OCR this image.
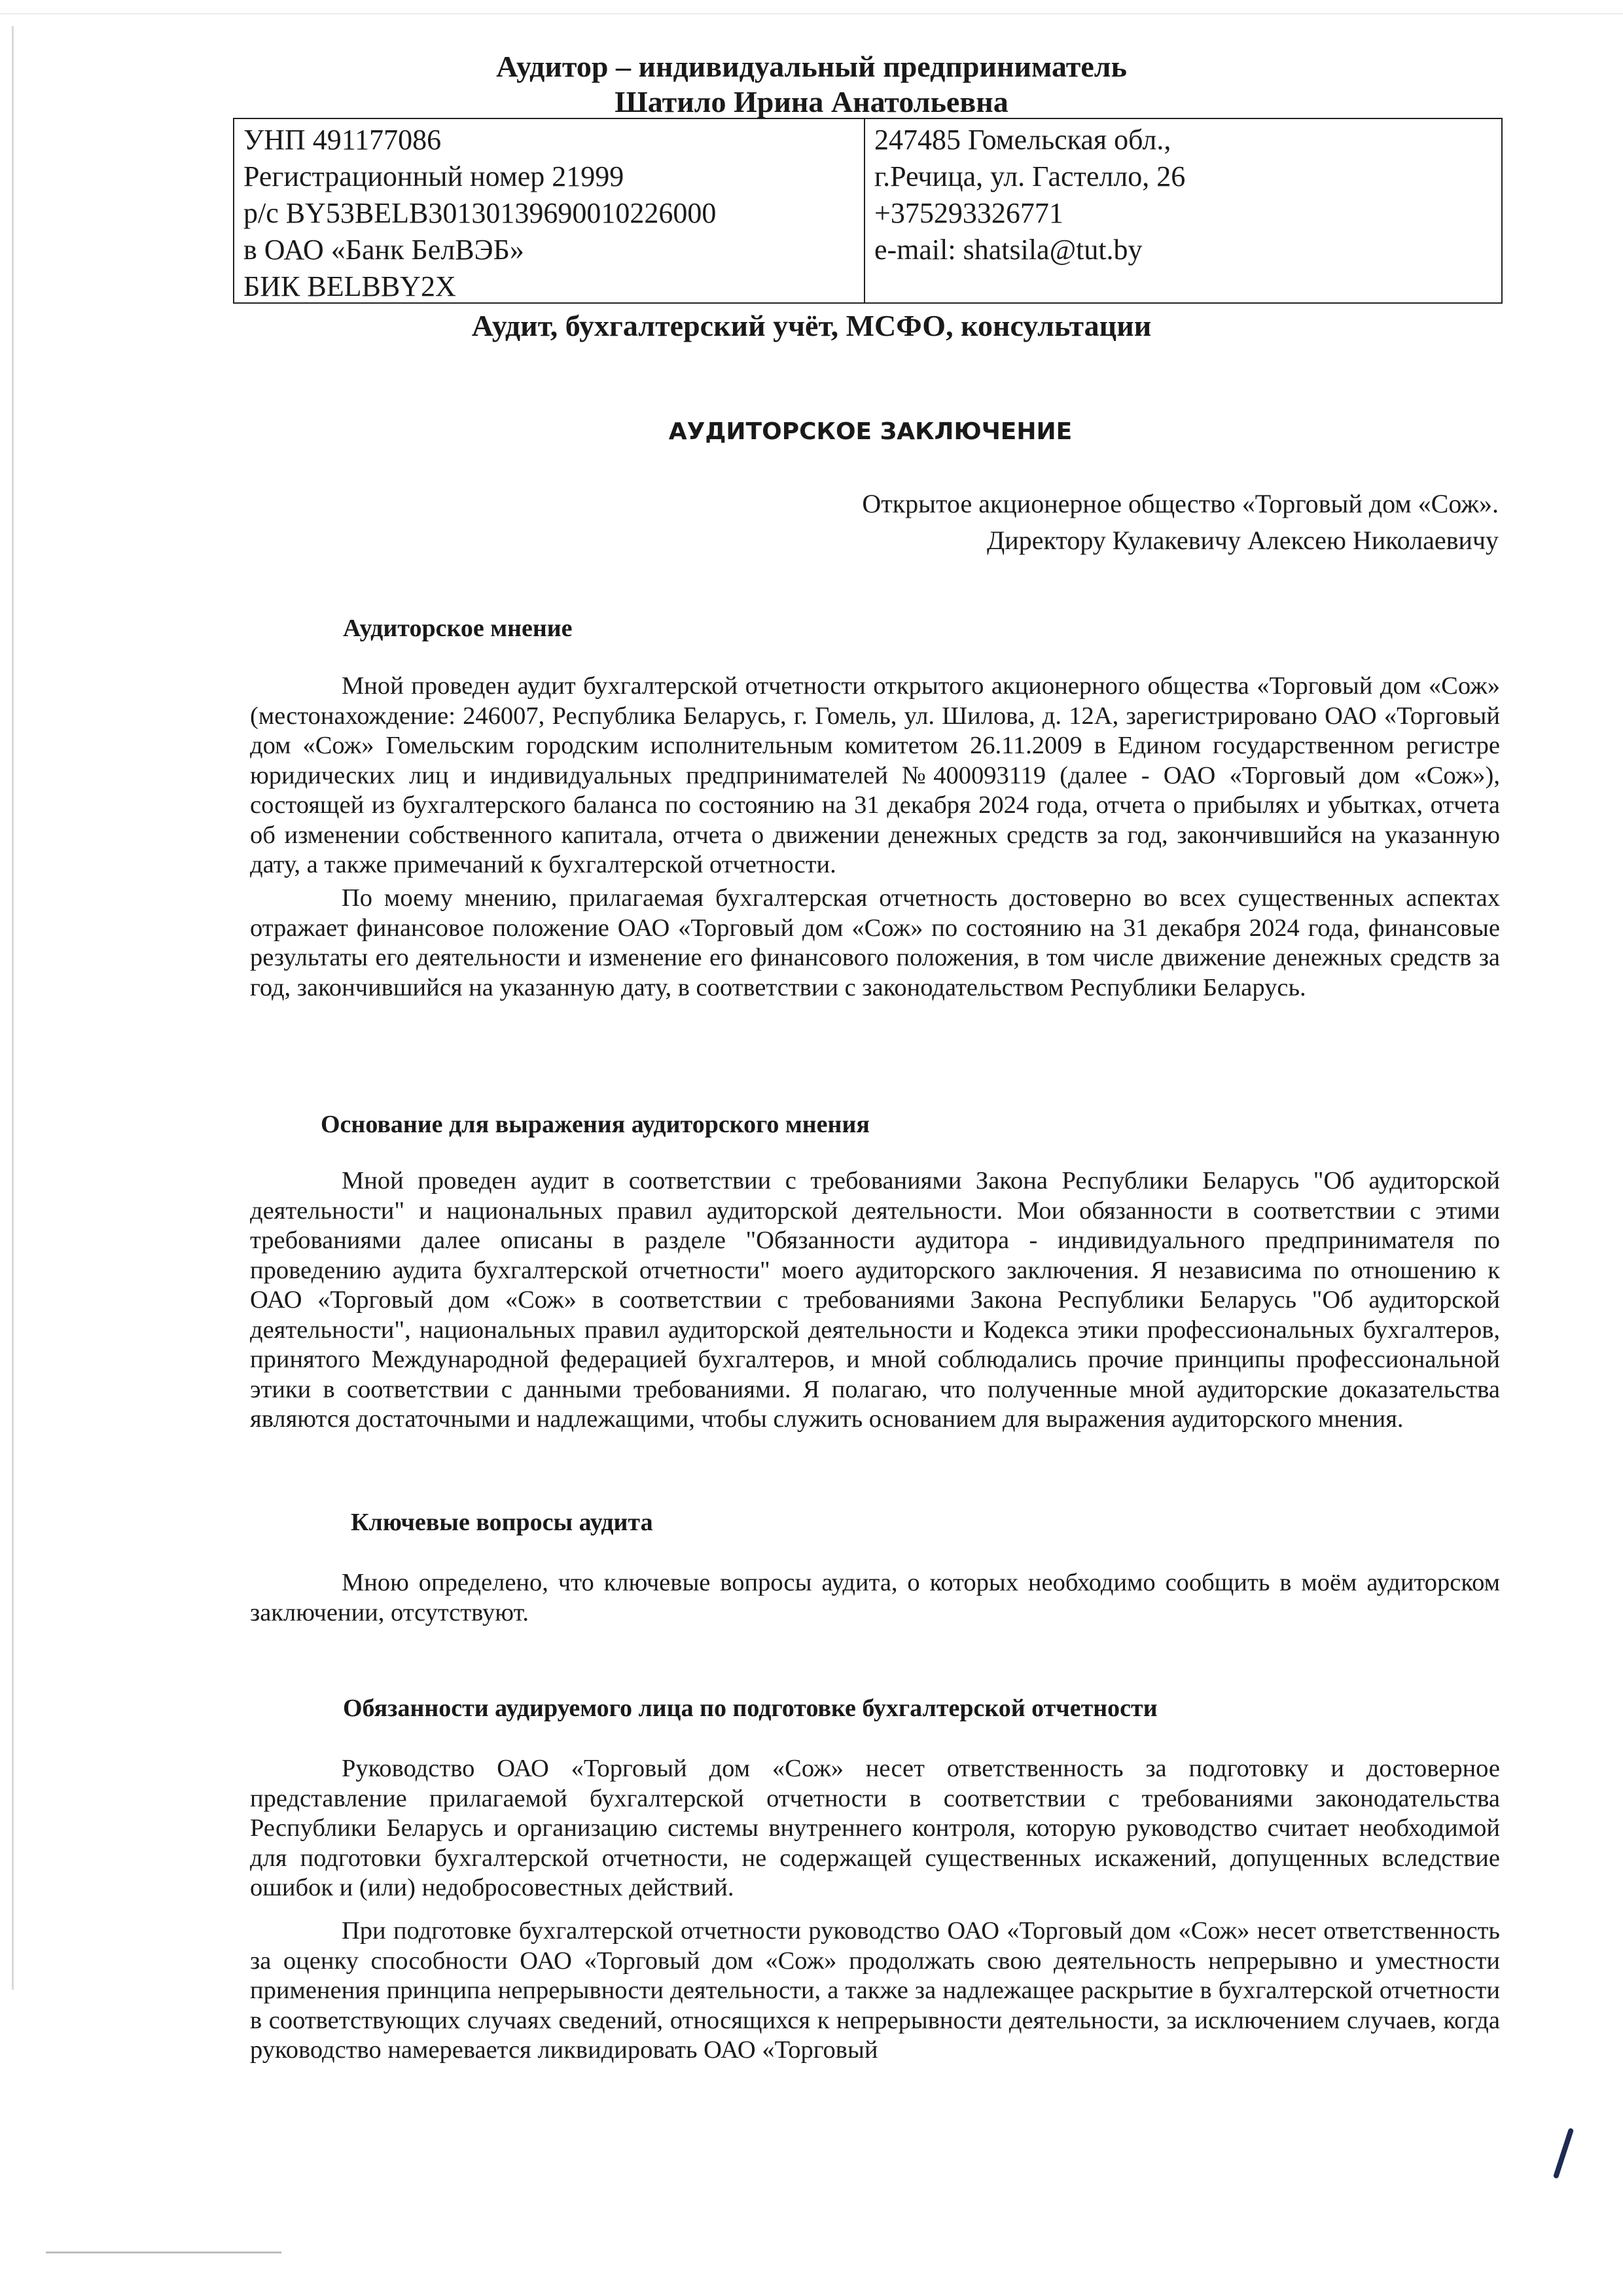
Аудитор – индивидуальный предприниматель
Шатило Ирина Анатольевна
УНП 491177086
Регистрационный номер 21999
р/с BY53BELB30130139690010226000
в ОАО «Банк БелВЭБ»
БИК BELBBY2X
247485 Гомельская обл.,
г.Речица, ул. Гастелло, 26
+375293326771
e-mail: shatsila@tut.by
Аудит, бухгалтерский учёт, МСФО, консультации
АУДИТОРСКОЕ ЗАКЛЮЧЕНИЕ
Открытое акционерное общество «Торговый дом «Сож».
Директору Кулакевичу Алексею Николаевичу
Аудиторское мнение

Мной проведен аудит бухгалтерской отчетности открытого акционерного общества «Торговый дом «Сож» (местонахождение: 246007, Республика Беларусь, г. Гомель, ул. Шилова, д. 12А, зарегистрировано ОАО «Торговый дом «Сож» Гомельским городским исполнительным комитетом 26.11.2009 в Едином государственном регистре юридических лиц и индивидуальных предпринимателей №400093119 (далее - ОАО «Торговый дом «Сож»), состоящей из бухгалтерского баланса по состоянию на 31 декабря 2024 года, отчета о прибылях и убытках, отчета об изменении собственного капитала, отчета о движении денежных средств за год, закончившийся на указанную дату, а также примечаний к бухгалтерской отчетности.

По моему мнению, прилагаемая бухгалтерская отчетность достоверно во всех существенных аспектах отражает финансовое положение ОАО «Торговый дом «Сож» по состоянию на 31 декабря 2024 года, финансовые результаты его деятельности и изменение его финансового положения, в том числе движение денежных средств за год, закончившийся на указанную дату, в соответствии с законодательством Республики Беларусь.

Основание для выражения аудиторского мнения

Мной проведен аудит в соответствии с требованиями Закона Республики Беларусь "Об аудиторской деятельности" и национальных правил аудиторской деятельности. Мои обязанности в соответствии с этими требованиями далее описаны в разделе "Обязанности аудитора - индивидуального предпринимателя по проведению аудита бухгалтерской отчетности" моего аудиторского заключения. Я независима по отношению к ОАО «Торговый дом «Сож» в соответствии с требованиями Закона Республики Беларусь "Об аудиторской деятельности", национальных правил аудиторской деятельности и Кодекса этики профессиональных бухгалтеров, принятого Международной федерацией бухгалтеров, и мной соблюдались прочие принципы профессиональной этики в соответствии с данными требованиями. Я полагаю, что полученные мной аудиторские доказательства являются достаточными и надлежащими, чтобы служить основанием для выражения аудиторского мнения.

Ключевые вопросы аудита

Мною определено, что ключевые вопросы аудита, о которых необходимо сообщить в моём аудиторском заключении, отсутствуют.

Обязанности аудируемого лица по подготовке бухгалтерской отчетности

Руководство ОАО «Торговый дом «Сож» несет ответственность за подготовку и достоверное представление прилагаемой бухгалтерской отчетности в соответствии с требованиями законодательства Республики Беларусь и организацию системы внутреннего контроля, которую руководство считает необходимой для подготовки бухгалтерской отчетности, не содержащей существенных искажений, допущенных вследствие ошибок и (или) недобросовестных действий.

При подготовке бухгалтерской отчетности руководство ОАО «Торговый дом «Сож» несет ответственность за оценку способности ОАО «Торговый дом «Сож» продолжать свою деятельность непрерывно и уместности применения принципа непрерывности деятельности, а также за надлежащее раскрытие в бухгалтерской отчетности в соответствующих случаях сведений, относящихся к непрерывности деятельности, за исключением случаев, когда руководство намеревается ликвидировать ОАО «Торговый
